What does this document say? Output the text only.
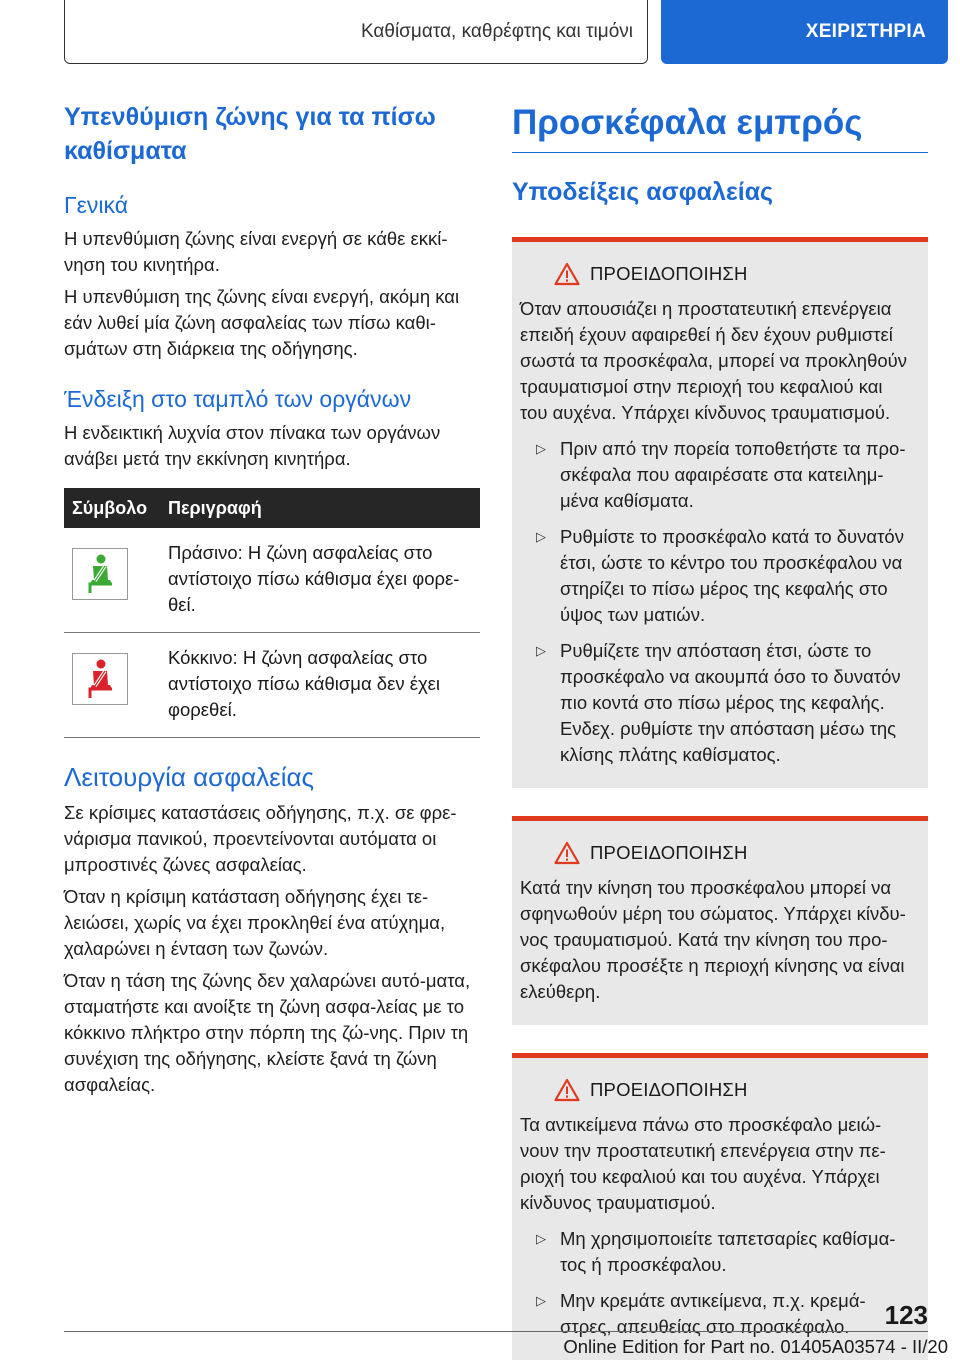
Καθίσματα, καθρέφτης και τιμόνι	ΧΕΙΡΙΣΤΗΡΙΑ
Υπενθύμιση ζώνης για τα πίσω καθίσματα
Γενικά

Η υπενθύμιση ζώνης είναι ενεργή σε κάθε εκκί-νηση του κινητήρα.

Η υπενθύμιση της ζώνης είναι ενεργή, ακόμη και εάν λυθεί μία ζώνη ασφαλείας των πίσω καθι-σμάτων στη διάρκεια της οδήγησης.

Ένδειξη στο ταμπλό των οργάνων

Η ενδεικτική λυχνία στον πίνακα των οργάνων ανάβει μετά την εκκίνηση κινητήρα.

Σύμβολο	Περιγραφή

	Πράσινο: Η ζώνη ασφαλείας στο αντίστοιχο πίσω κάθισμα έχει φορε-θεί.

	Κόκκινο: Η ζώνη ασφαλείας στο αντίστοιχο πίσω κάθισμα δεν έχει φορεθεί.
Λειτουργία ασφαλείας

Σε κρίσιμες καταστάσεις οδήγησης, π.χ. σε φρε-νάρισμα πανικού, προεντείνονται αυτόματα οι μπροστινές ζώνες ασφαλείας.

Όταν η κρίσιμη κατάσταση οδήγησης έχει τε-λειώσει, χωρίς να έχει προκληθεί ένα ατύχημα, χαλαρώνει η ένταση των ζωνών.

Όταν η τάση της ζώνης δεν χαλαρώνει αυτό-ματα, σταματήστε και ανοίξτε τη ζώνη ασφα-λείας με το κόκκινο πλήκτρο στην πόρπη της ζώ-νης. Πριν τη συνέχιση της οδήγησης, κλείστε ξανά τη ζώνη ασφαλείας.

Προσκέφαλα εμπρός
Υποδείξεις ασφαλείας
ΠΡΟΕΙΔΟΠΟΙΗΣΗ

Όταν απουσιάζει η προστατευτική επενέργεια επειδή έχουν αφαιρεθεί ή δεν έχουν ρυθμιστεί σωστά τα προσκέφαλα, μπορεί να προκληθούν τραυματισμοί στην περιοχή του κεφαλιού και του αυχένα. Υπάρχει κίνδυνος τραυματισμού.

▷ Πριν από την πορεία τοποθετήστε τα προ-σκέφαλα που αφαιρέσατε στα κατειλημ-μένα καθίσματα.
▷ Ρυθμίστε το προσκέφαλο κατά το δυνατόν έτσι, ώστε το κέντρο του προσκέφαλου να στηρίζει το πίσω μέρος της κεφαλής στο ύψος των ματιών.
▷ Ρυθμίζετε την απόσταση έτσι, ώστε το προσκέφαλο να ακουμπά όσο το δυνατόν πιο κοντά στο πίσω μέρος της κεφαλής. Ενδεχ. ρυθμίστε την απόσταση μέσω της κλίσης πλάτης καθίσματος.
ΠΡΟΕΙΔΟΠΟΙΗΣΗ

Κατά την κίνηση του προσκέφαλου μπορεί να σφηνωθούν μέρη του σώματος. Υπάρχει κίνδυ-νος τραυματισμού. Κατά την κίνηση του προ-σκέφαλου προσέξτε η περιοχή κίνησης να είναι ελεύθερη.

ΠΡΟΕΙΔΟΠΟΙΗΣΗ

Τα αντικείμενα πάνω στο προσκέφαλο μειώ-νουν την προστατευτική επενέργεια στην πε-ριοχή του κεφαλιού και του αυχένα. Υπάρχει κίνδυνος τραυματισμού.

▷ Μη χρησιμοποιείτε ταπετσαρίες καθίσμα-τος ή προσκέφαλου.
▷ Μην κρεμάτε αντικείμενα, π.χ. κρεμά-στρες, απευθείας στο προσκέφαλο.	123
Online Edition for Part no. 01405A03574 - II/20
